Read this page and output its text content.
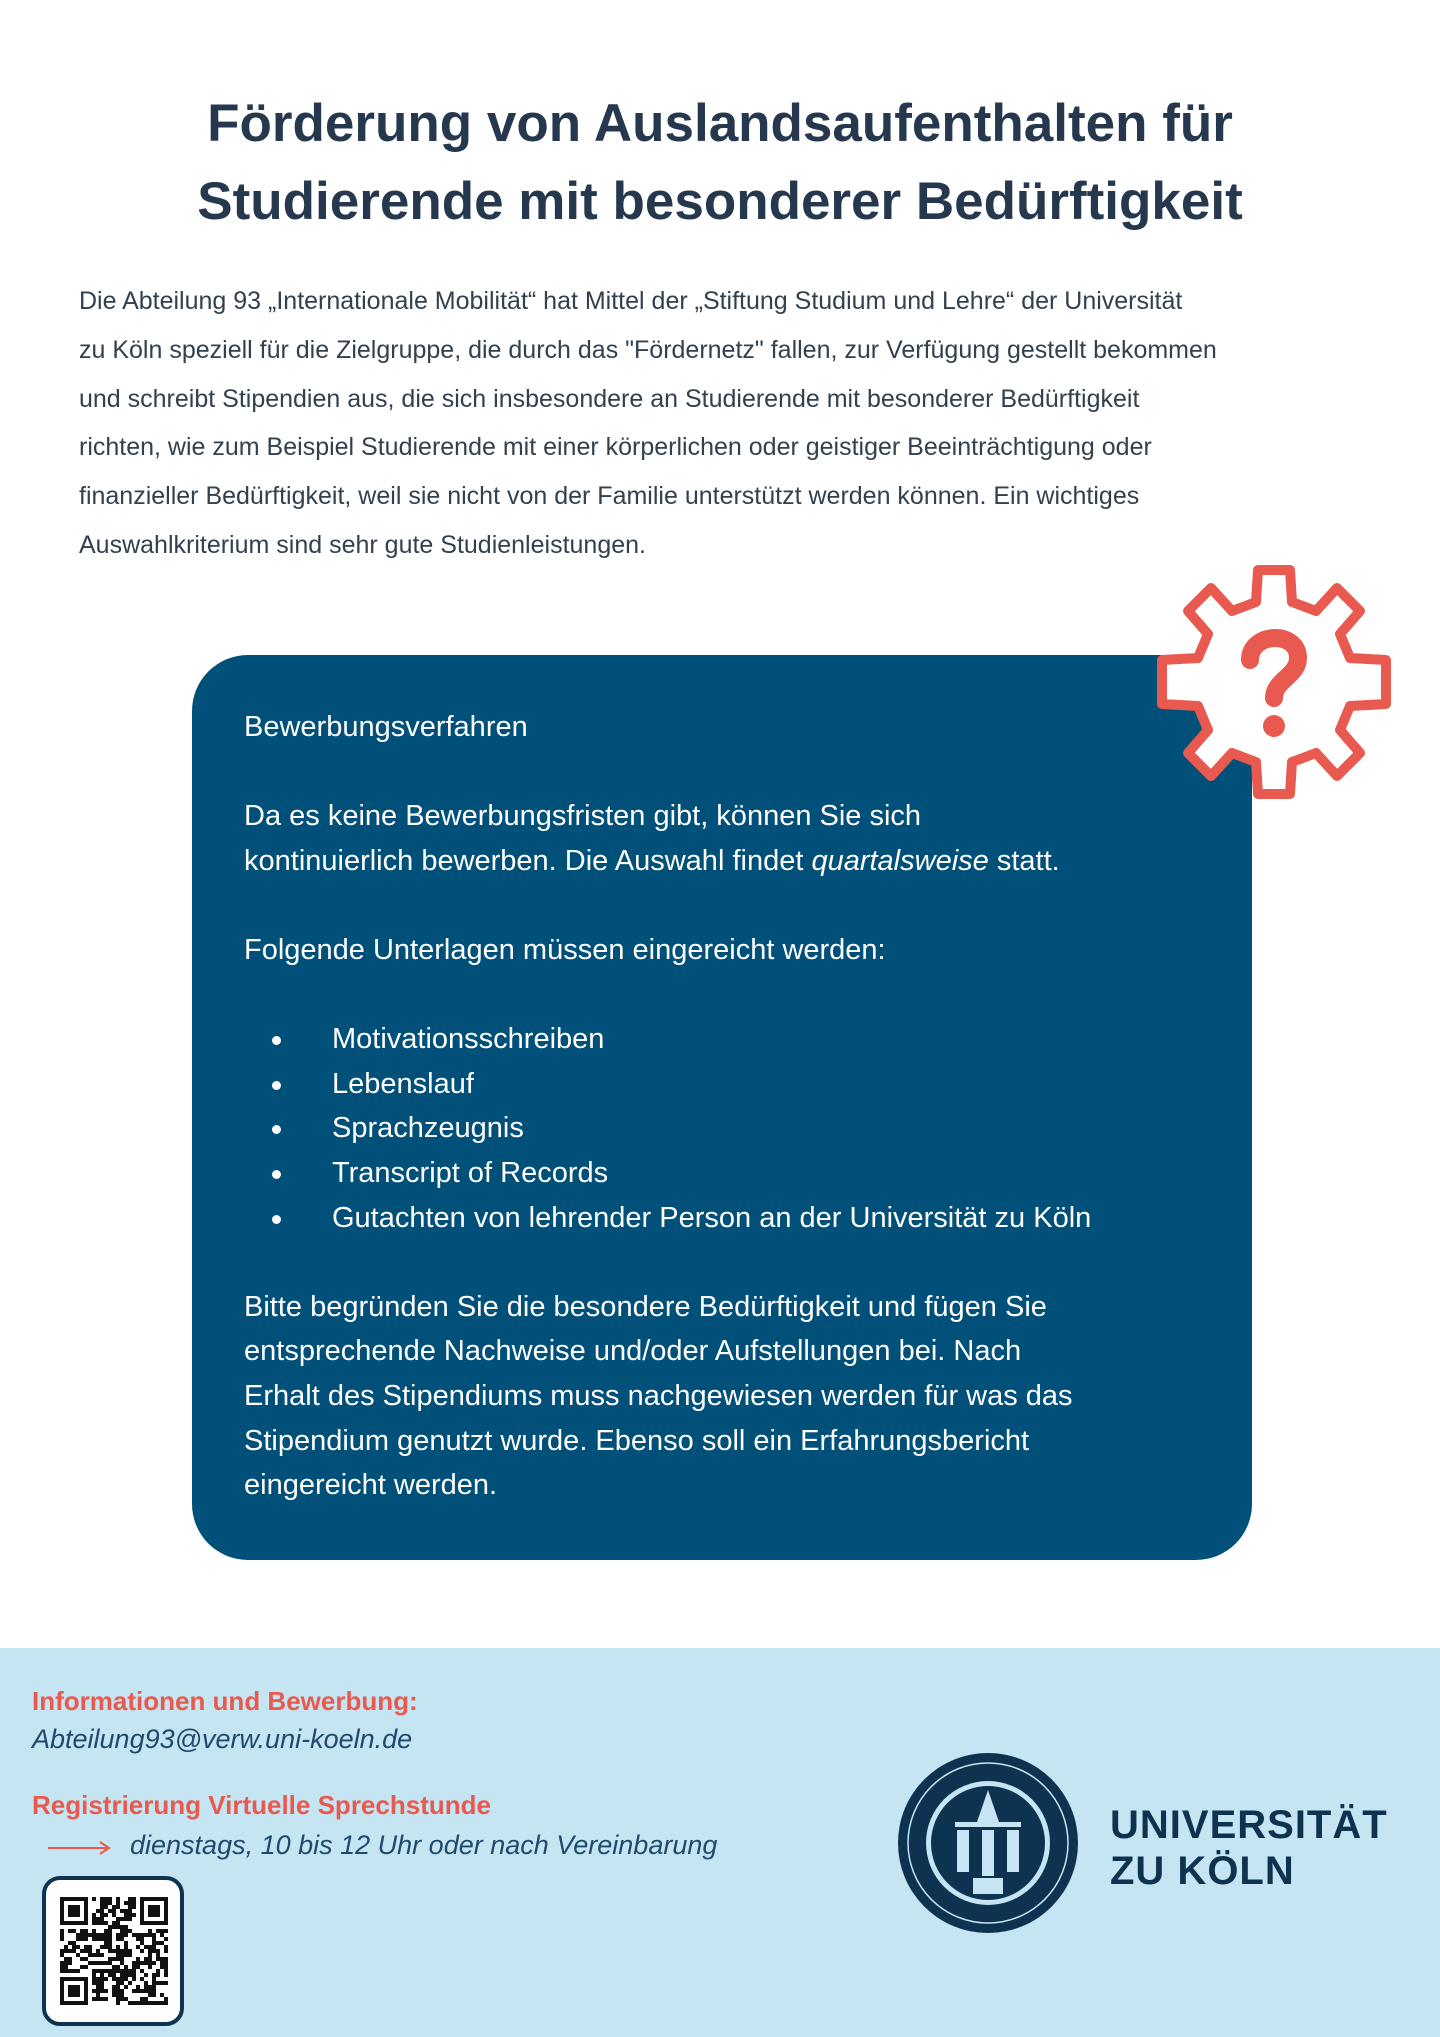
Förderung von Auslandsaufenthalten für
Studierende mit besonderer Bedürftigkeit

Die Abteilung 93 „Internationale Mobilität“ hat Mittel der „Stiftung Studium und Lehre“ der Universität
zu Köln speziell für die Zielgruppe, die durch das "Fördernetz" fallen, zur Verfügung gestellt bekommen
und schreibt Stipendien aus, die sich insbesondere an Studierende mit besonderer Bedürftigkeit
richten, wie zum Beispiel Studierende mit einer körperlichen oder geistiger Beeinträchtigung oder
finanzieller Bedürftigkeit, weil sie nicht von der Familie unterstützt werden können. Ein wichtiges
Auswahlkriterium sind sehr gute Studienleistungen.

Bewerbungsverfahren

Da es keine Bewerbungsfristen gibt, können Sie sich
kontinuierlich bewerben. Die Auswahl findet quartalsweise statt.

Folgende Unterlagen müssen eingereicht werden:

Motivationsschreiben
Lebenslauf
Sprachzeugnis
Transcript of Records
Gutachten von lehrender Person an der Universität zu Köln

Bitte begründen Sie die besondere Bedürftigkeit und fügen Sie
entsprechende Nachweise und/oder Aufstellungen bei. Nach
Erhalt des Stipendiums muss nachgewiesen werden für was das
Stipendium genutzt wurde. Ebenso soll ein Erfahrungsbericht
eingereicht werden.

Informationen und Bewerbung:
Abteilung93@verw.uni-koeln.de
Registrierung Virtuelle Sprechstunde
dienstags, 10 bis 12 Uhr oder nach Vereinbarung	UNIVERSITÄT
ZU KÖLN
